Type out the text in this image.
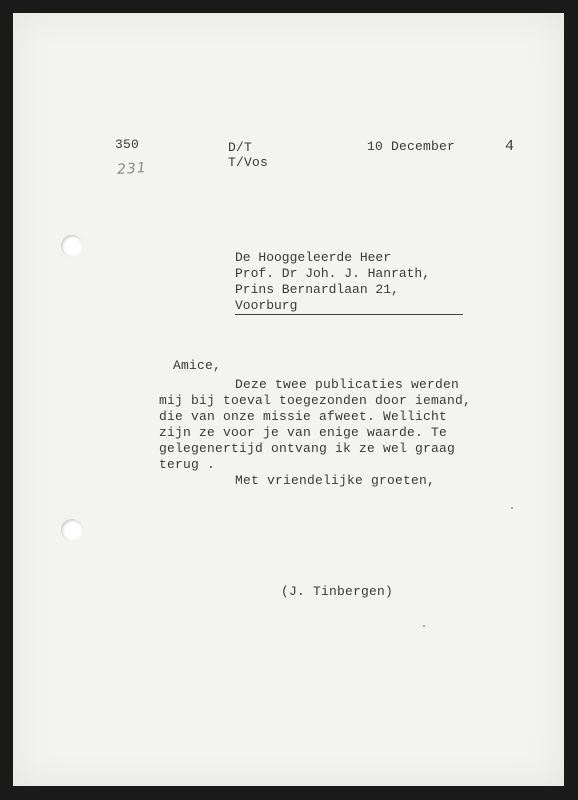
350
231
D/T
T/Vos
10 December	4
De Hooggeleerde Heer
Prof. Dr Joh. J. Hanrath,
Prins Bernardlaan 21,
Voorburg
Amice,
Deze twee publicaties werden
mij bij toeval toegezonden door iemand,
die van onze missie afweet. Wellicht
zijn ze voor je van enige waarde. Te
gelegenertijd ontvang ik ze wel graag
terug .
Met vriendelijke groeten,
(J. Tinbergen)
